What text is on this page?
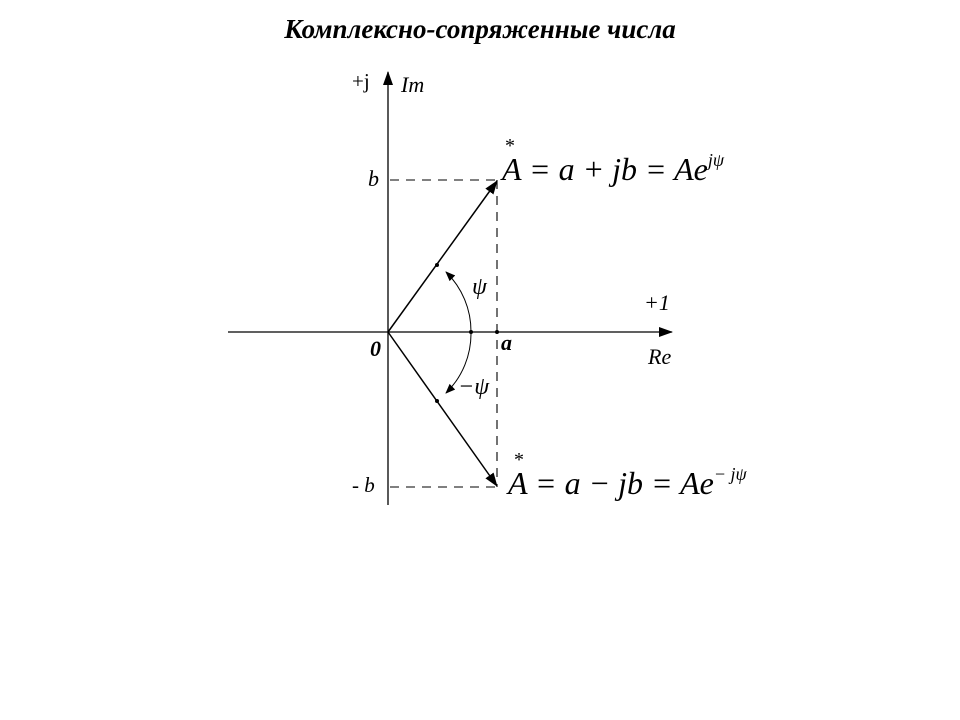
Комплексно-сопряженные числа
+j Im
+1
Re
0
b
- b
a
ψ
−ψ
*
A = a + jb = $Ae^{j\psi}$
*
A = a − jb = $Ae^{- j\psi}$
